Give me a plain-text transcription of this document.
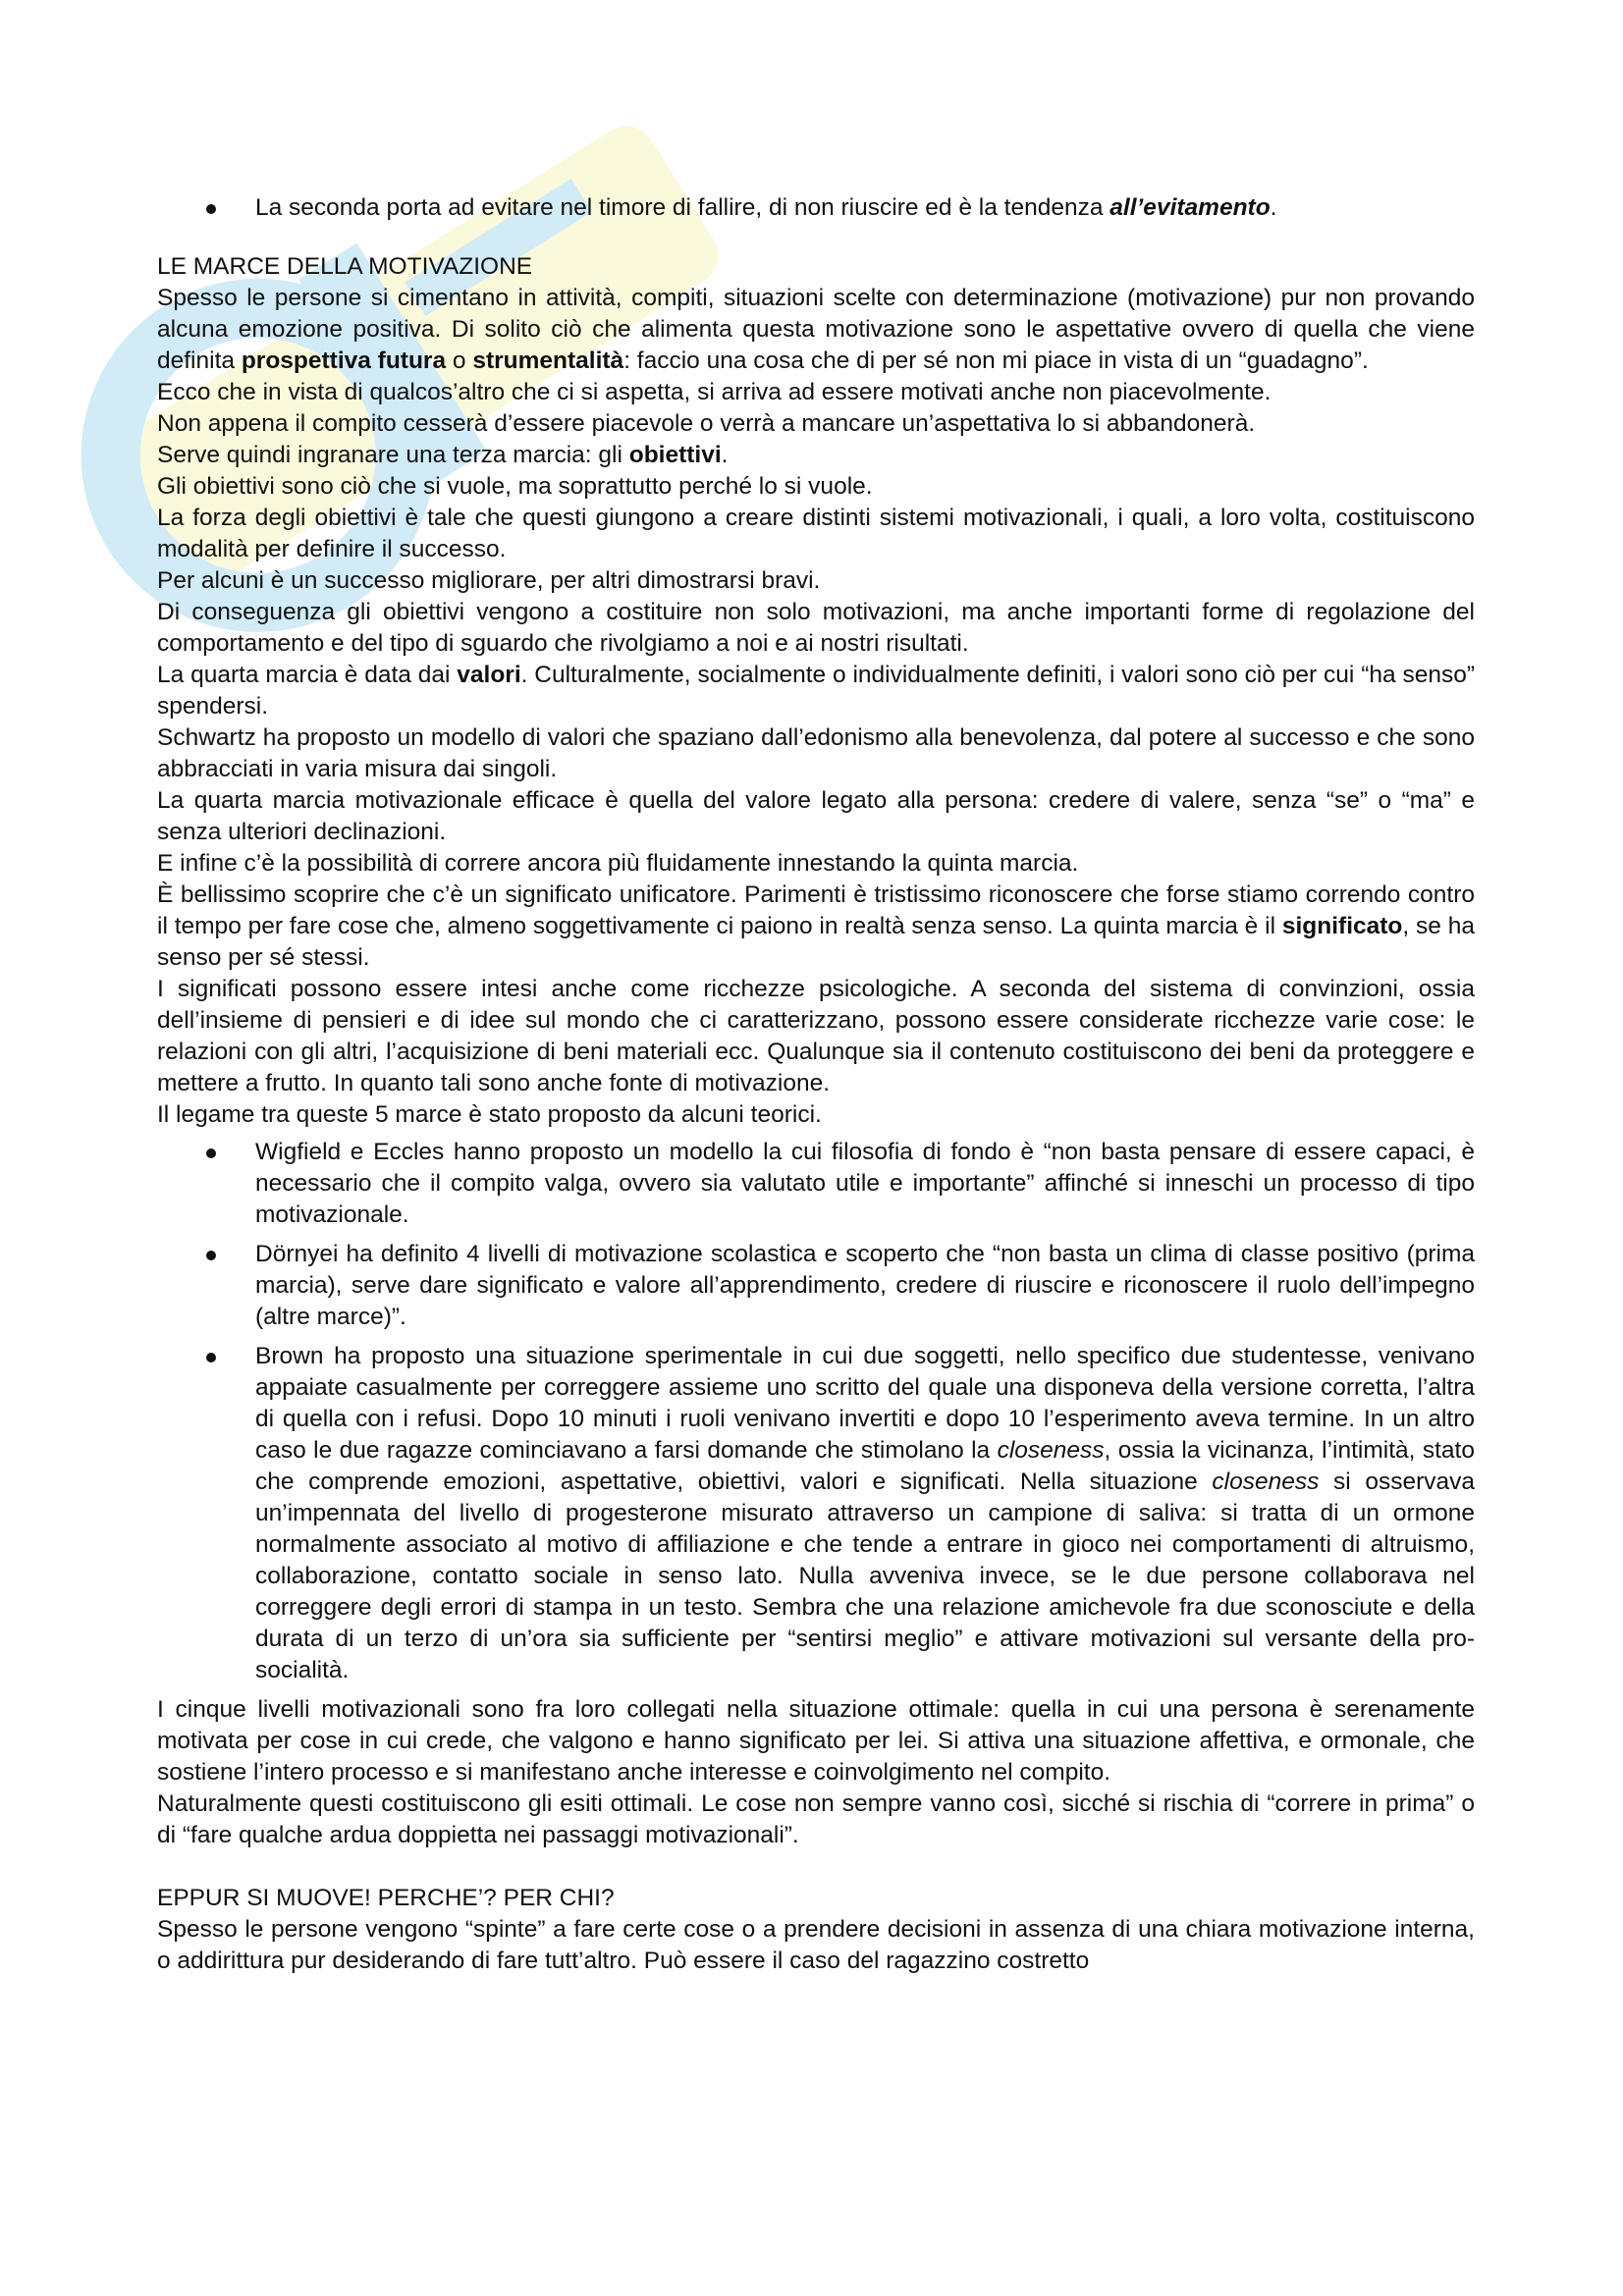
La seconda porta ad evitare nel timore di fallire, di non riuscire ed è la tendenza all’evitamento.
LE MARCE DELLA MOTIVAZIONE
Spesso le persone si cimentano in attività, compiti, situazioni scelte con determinazione (motivazione) pur non provando alcuna emozione positiva. Di solito ciò che alimenta questa motivazione sono le aspettative ovvero di quella che viene definita prospettiva futura o strumentalità: faccio una cosa che di per sé non mi piace in vista di un “guadagno”.
Ecco che in vista di qualcos’altro che ci si aspetta, si arriva ad essere motivati anche non piacevolmente.
Non appena il compito cesserà d’essere piacevole o verrà a mancare un’aspettativa lo si abbandonerà.
Serve quindi ingranare una terza marcia: gli obiettivi.
Gli obiettivi sono ciò che si vuole, ma soprattutto perché lo si vuole.
La forza degli obiettivi è tale che questi giungono a creare distinti sistemi motivazionali, i quali, a loro volta, costituiscono modalità per definire il successo.
Per alcuni è un successo migliorare, per altri dimostrarsi bravi.
Di conseguenza gli obiettivi vengono a costituire non solo motivazioni, ma anche importanti forme di regolazione del comportamento e del tipo di sguardo che rivolgiamo a noi e ai nostri risultati.
La quarta marcia è data dai valori. Culturalmente, socialmente o individualmente definiti, i valori sono ciò per cui “ha senso” spendersi.
Schwartz ha proposto un modello di valori che spaziano dall’edonismo alla benevolenza, dal potere al successo e che sono abbracciati in varia misura dai singoli.
La quarta marcia motivazionale efficace è quella del valore legato alla persona: credere di valere, senza “se” o “ma” e senza ulteriori declinazioni.
E infine c’è la possibilità di correre ancora più fluidamente innestando la quinta marcia.
È bellissimo scoprire che c’è un significato unificatore. Parimenti è tristissimo riconoscere che forse stiamo correndo contro il tempo per fare cose che, almeno soggettivamente ci paiono in realtà senza senso. La quinta marcia è il significato, se ha senso per sé stessi.
I significati possono essere intesi anche come ricchezze psicologiche. A seconda del sistema di convinzioni, ossia dell’insieme di pensieri e di idee sul mondo che ci caratterizzano, possono essere considerate ricchezze varie cose: le relazioni con gli altri, l’acquisizione di beni materiali ecc. Qualunque sia il contenuto costituiscono dei beni da proteggere e mettere a frutto. In quanto tali sono anche fonte di motivazione.
Il legame tra queste 5 marce è stato proposto da alcuni teorici.
Wigfield e Eccles hanno proposto un modello la cui filosofia di fondo è “non basta pensare di essere capaci, è necessario che il compito valga, ovvero sia valutato utile e importante” affinché si inneschi un processo di tipo motivazionale.
Dörnyei ha definito 4 livelli di motivazione scolastica e scoperto che “non basta un clima di classe positivo (prima marcia), serve dare significato e valore all’apprendimento, credere di riuscire e riconoscere il ruolo dell’impegno (altre marce)”.
Brown ha proposto una situazione sperimentale in cui due soggetti, nello specifico due studentesse, venivano appaiate casualmente per correggere assieme uno scritto del quale una disponeva della versione corretta, l’altra di quella con i refusi. Dopo 10 minuti i ruoli venivano invertiti e dopo 10 l’esperimento aveva termine. In un altro caso le due ragazze cominciavano a farsi domande che stimolano la closeness, ossia la vicinanza, l’intimità, stato che comprende emozioni, aspettative, obiettivi, valori e significati. Nella situazione closeness si osservava un’impennata del livello di progesterone misurato attraverso un campione di saliva: si tratta di un ormone normalmente associato al motivo di affiliazione e che tende a entrare in gioco nei comportamenti di altruismo, collaborazione, contatto sociale in senso lato. Nulla avveniva invece, se le due persone collaborava nel correggere degli errori di stampa in un testo. Sembra che una relazione amichevole fra due sconosciute e della durata di un terzo di un’ora sia sufficiente per “sentirsi meglio” e attivare motivazioni sul versante della pro-socialità.
I cinque livelli motivazionali sono fra loro collegati nella situazione ottimale: quella in cui una persona è serenamente motivata per cose in cui crede, che valgono e hanno significato per lei. Si attiva una situazione affettiva, e ormonale, che sostiene l’intero processo e si manifestano anche interesse e coinvolgimento nel compito.
Naturalmente questi costituiscono gli esiti ottimali. Le cose non sempre vanno così, sicché si rischia di “correre in prima” o di “fare qualche ardua doppietta nei passaggi motivazionali”.
EPPUR SI MUOVE! PERCHE’? PER CHI?
Spesso le persone vengono “spinte” a fare certe cose o a prendere decisioni in assenza di una chiara motivazione interna, o addirittura pur desiderando di fare tutt’altro. Può essere il caso del ragazzino costretto
